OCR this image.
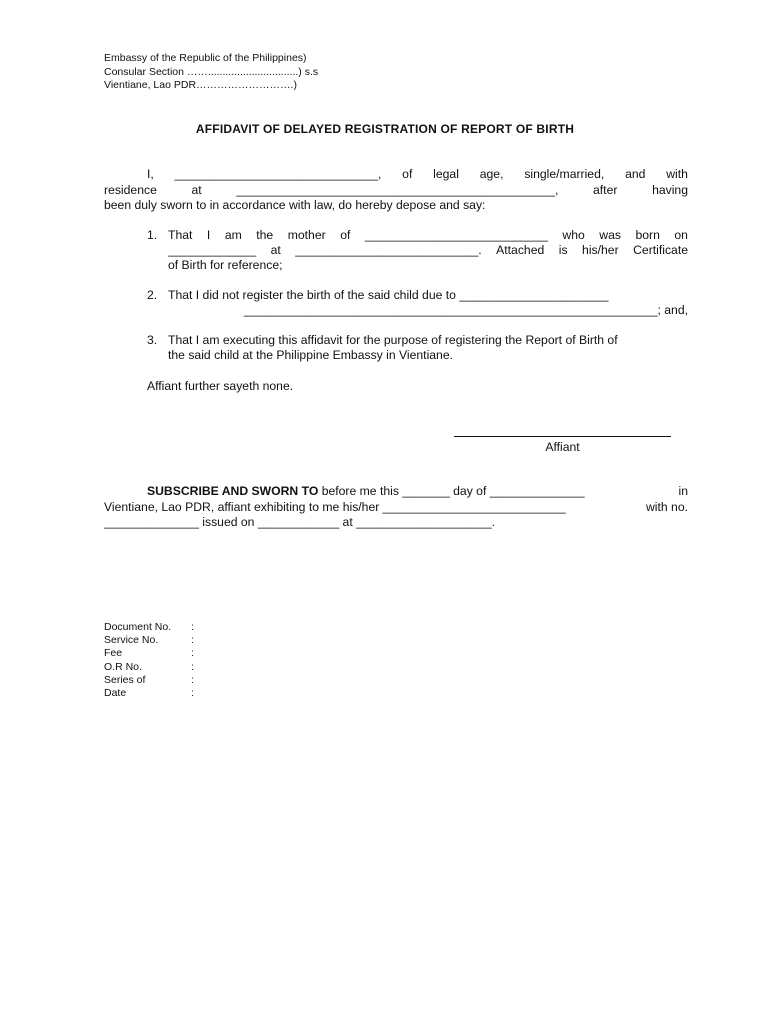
Embassy of the Republic of the Philippines)
Consular Section ……...............................) s.s
Vientiane, Lao PDR……………………….)
AFFIDAVIT OF DELAYED REGISTRATION OF REPORT OF BIRTH
I, ______________________________, of legal age, single/married, and with
residence	at	_______________________________________________,	after	having
been duly sworn to in accordance with law, do hereby depose and say:
1. That I am the mother of ___________________________ who was born on
_____________ at ___________________________. Attached is his/her Certificate
of Birth for reference;
2. That I did not register the birth of the said child due to ______________________
_____________________________________________________________; and,
3. That I am executing this affidavit for the purpose of registering the Report of Birth of
the said child at the Philippine Embassy in Vientiane.
Affiant further sayeth none.
Affiant
SUBSCRIBE AND SWORN TO before me this _______ day of ______________	in
Vientiane, Lao PDR, affiant exhibiting to me his/her ___________________________	with no.
______________ issued on ____________ at ____________________.
Document No.	:
Service No.	:
Fee	:
O.R No.	:
Series of	:
Date	:
